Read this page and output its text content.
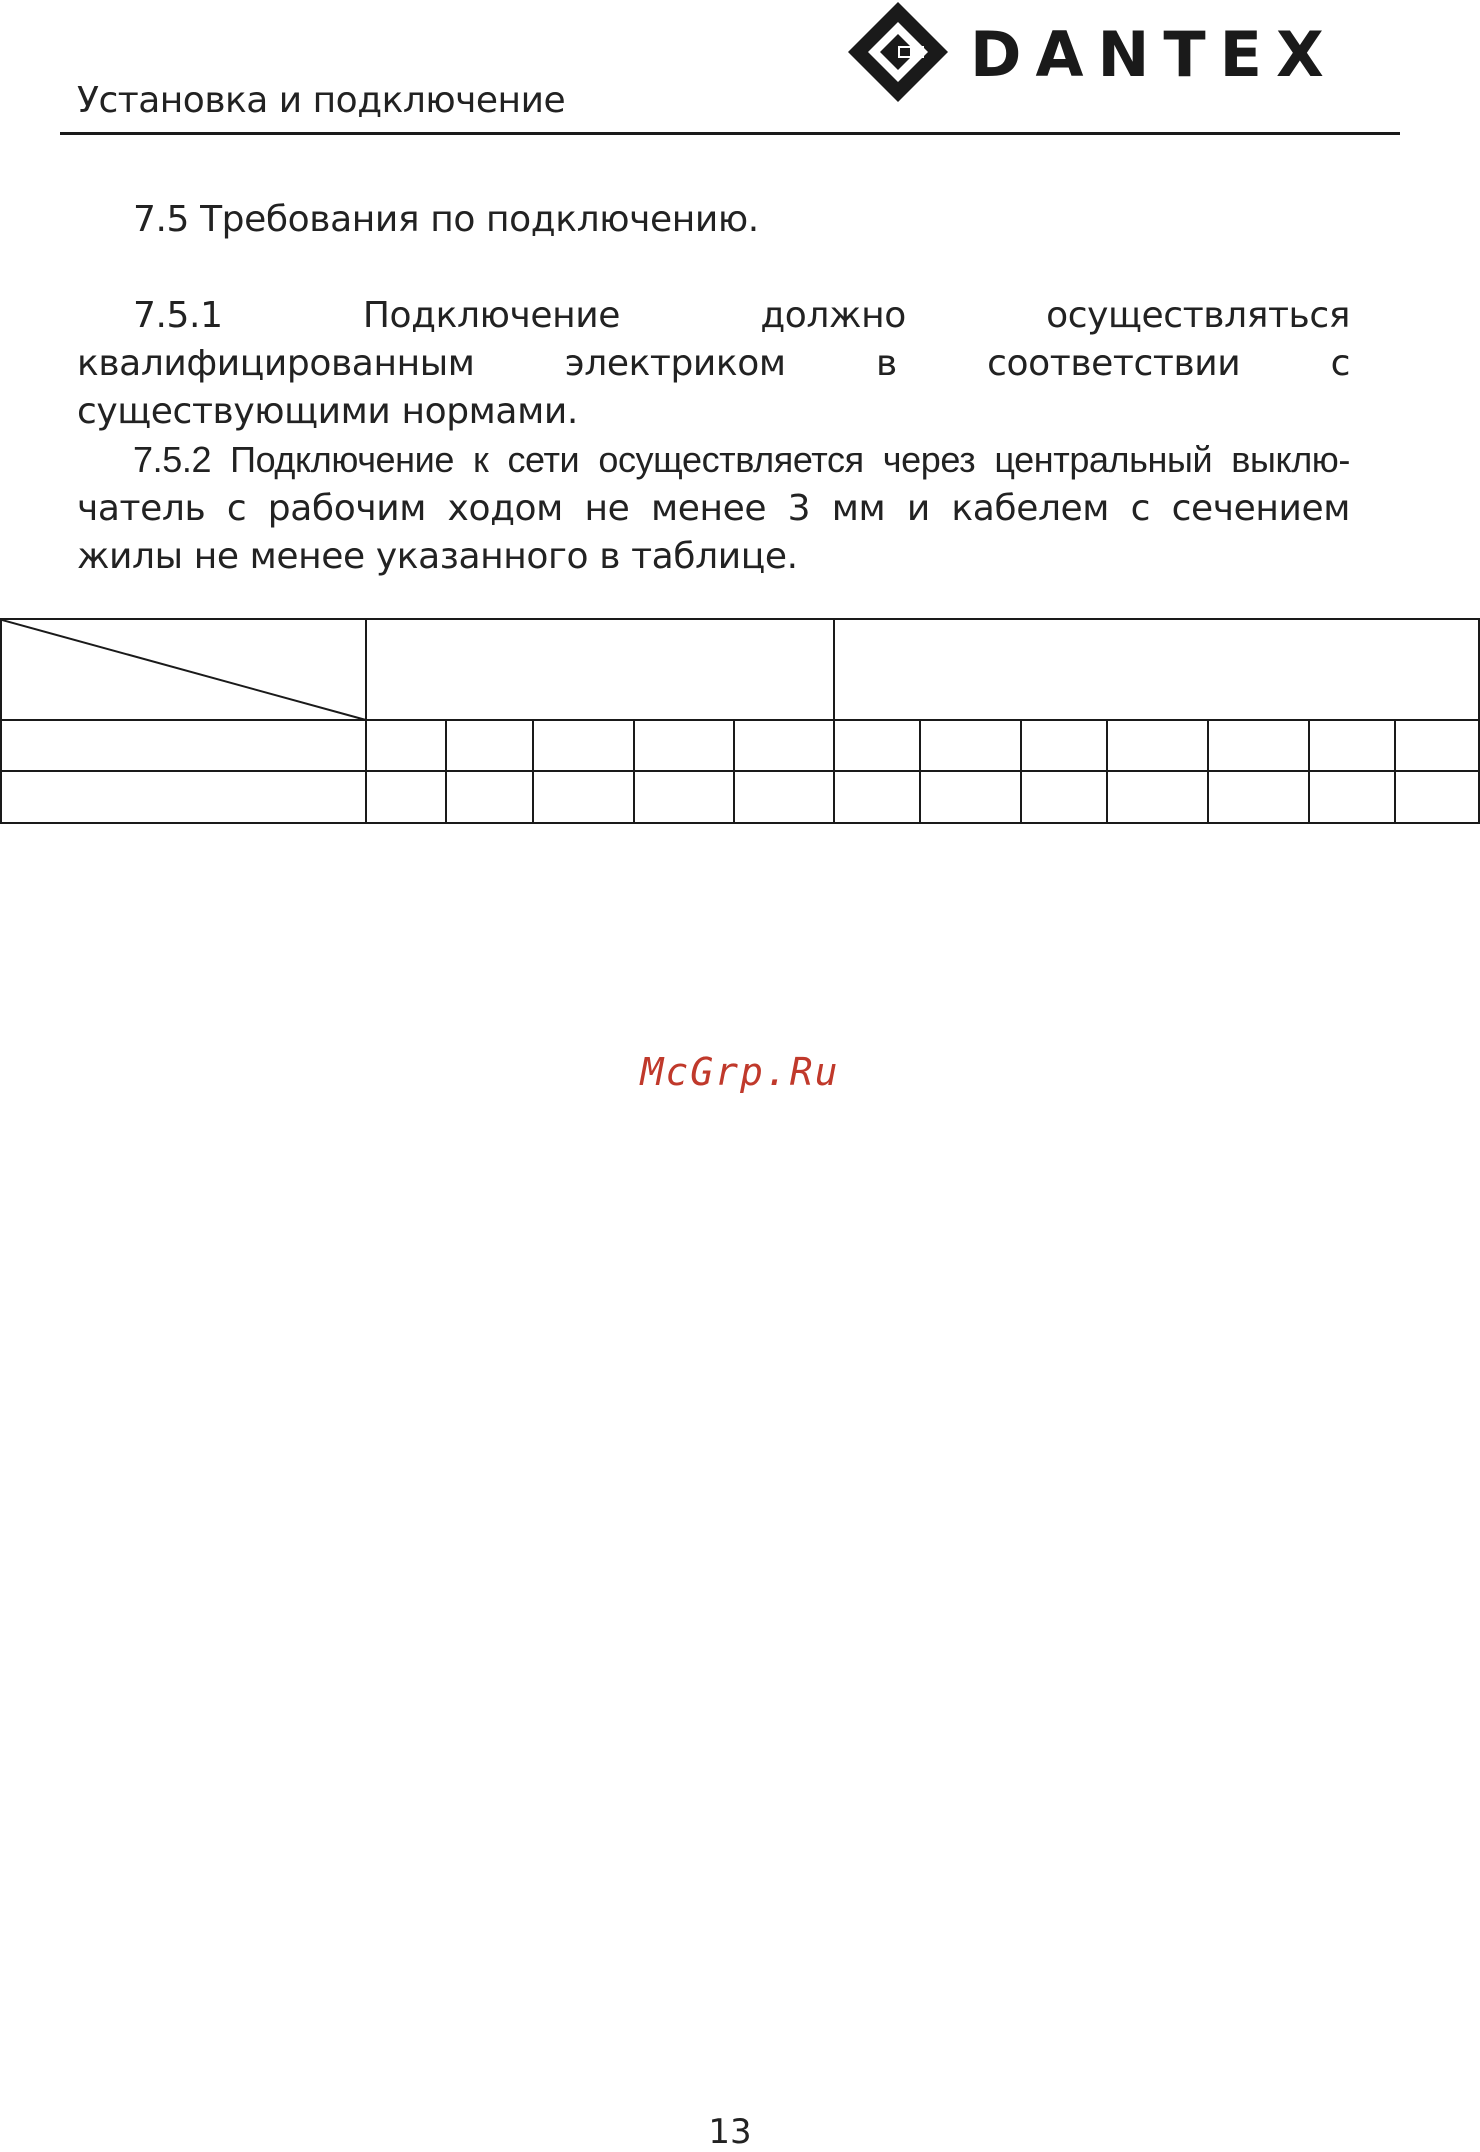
Установка и подключение
DANTEX

7.5 Требования по подключению.

7.5.1 Подключение должно осуществляться квалифицированным электриком в соответствии с существующими нормами.

7.5.2 Подключение к сети осуществляется через центральный выклю- чатель с рабочим ходом не менее 3 мм и кабелем с сечением жилы не менее указанного в таблице.

McGrp.Ru
13
